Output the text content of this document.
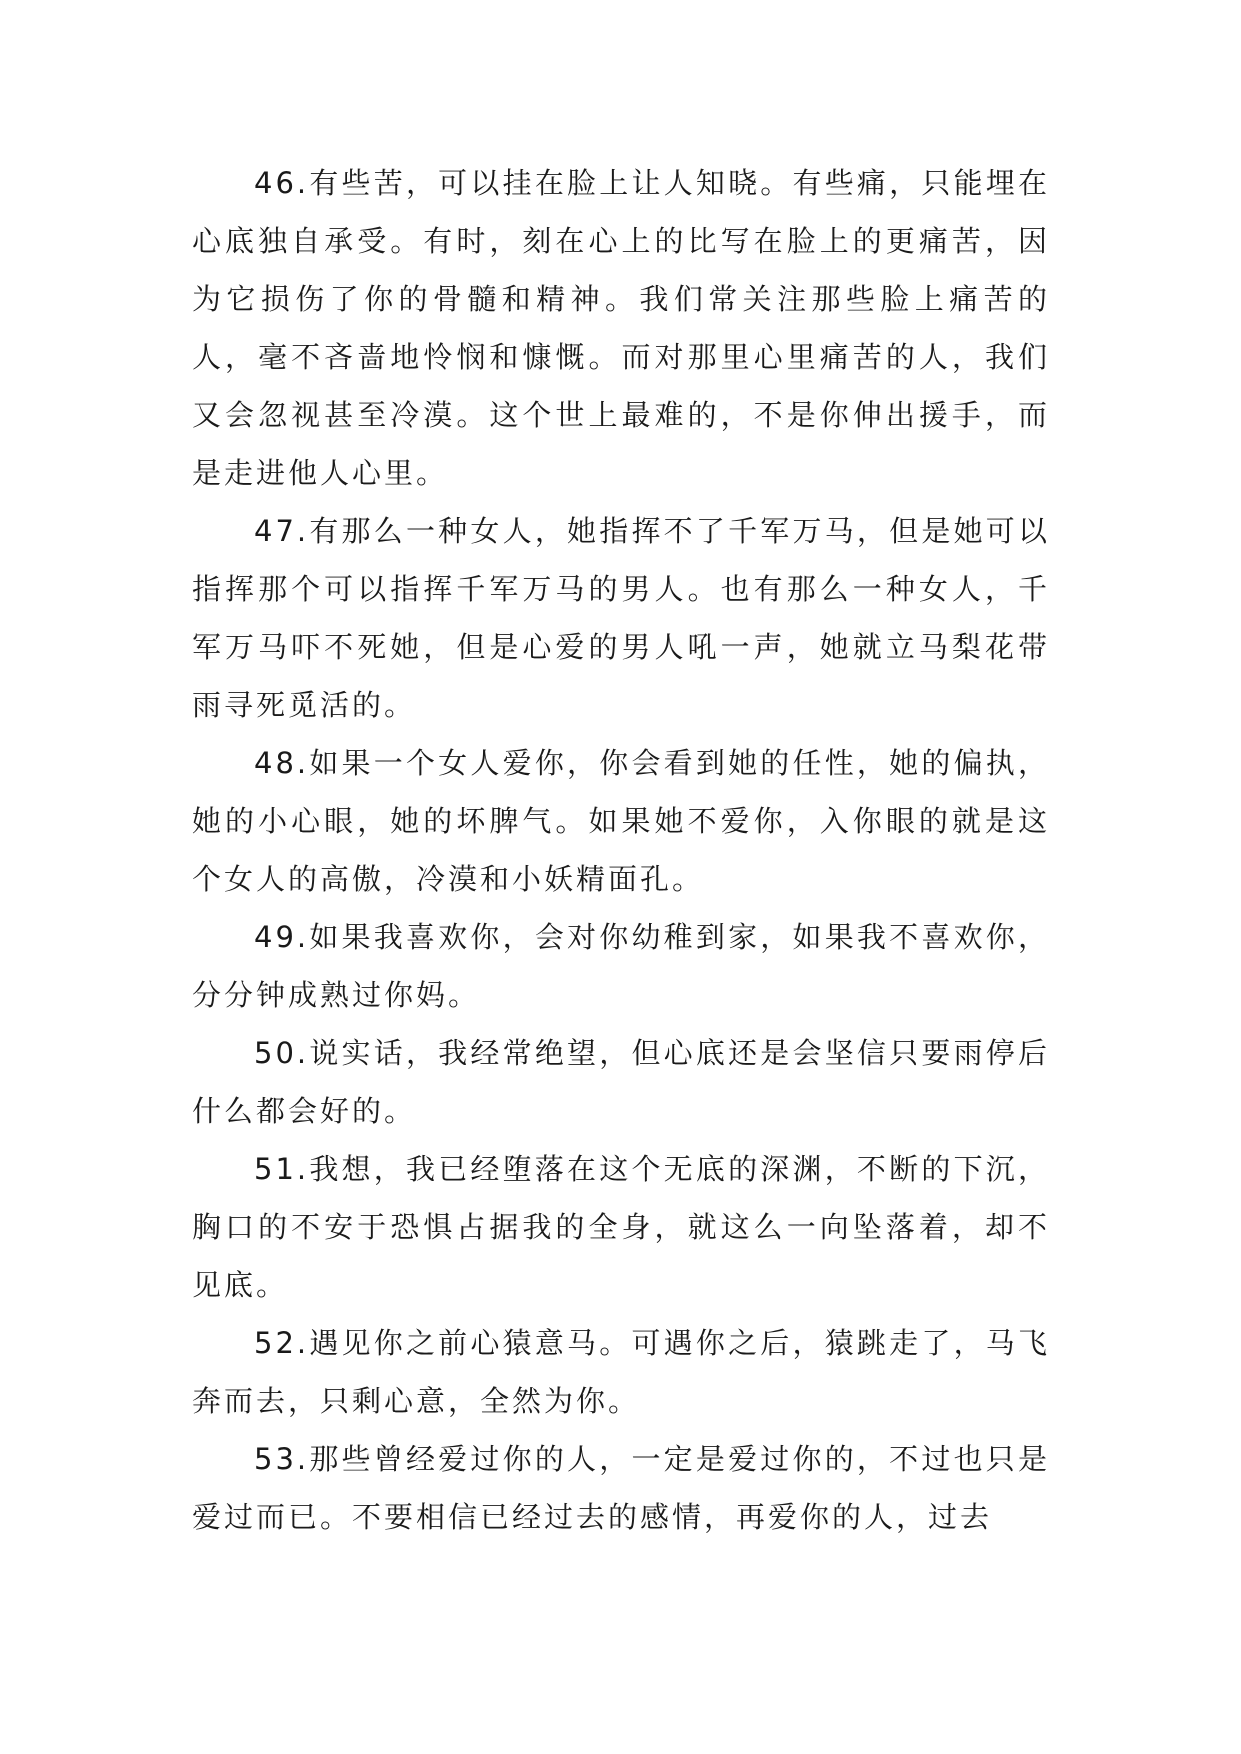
46.有些苦，可以挂在脸上让人知晓。有些痛，只能埋在心底独自承受。有时，刻在心上的比写在脸上的更痛苦，因为它损伤了你的骨髓和精神。我们常关注那些脸上痛苦的人，毫不吝啬地怜悯和慷慨。而对那里心里痛苦的人，我们又会忽视甚至冷漠。这个世上最难的，不是你伸出援手，而是走进他人心里。

47.有那么一种女人，她指挥不了千军万马，但是她可以指挥那个可以指挥千军万马的男人。也有那么一种女人，千军万马吓不死她，但是心爱的男人吼一声，她就立马梨花带雨寻死觅活的。

48.如果一个女人爱你，你会看到她的任性，她的偏执，她的小心眼，她的坏脾气。如果她不爱你，入你眼的就是这个女人的高傲，冷漠和小妖精面孔。

49.如果我喜欢你，会对你幼稚到家，如果我不喜欢你，分分钟成熟过你妈。

50.说实话，我经常绝望，但心底还是会坚信只要雨停后什么都会好的。

51.我想，我已经堕落在这个无底的深渊，不断的下沉，胸口的不安于恐惧占据我的全身，就这么一向坠落着，却不见底。

52.遇见你之前心猿意马。可遇你之后，猿跳走了，马飞奔而去，只剩心意，全然为你。

53.那些曾经爱过你的人，一定是爱过你的，不过也只是爱过而已。不要相信已经过去的感情，再爱你的人，过去
